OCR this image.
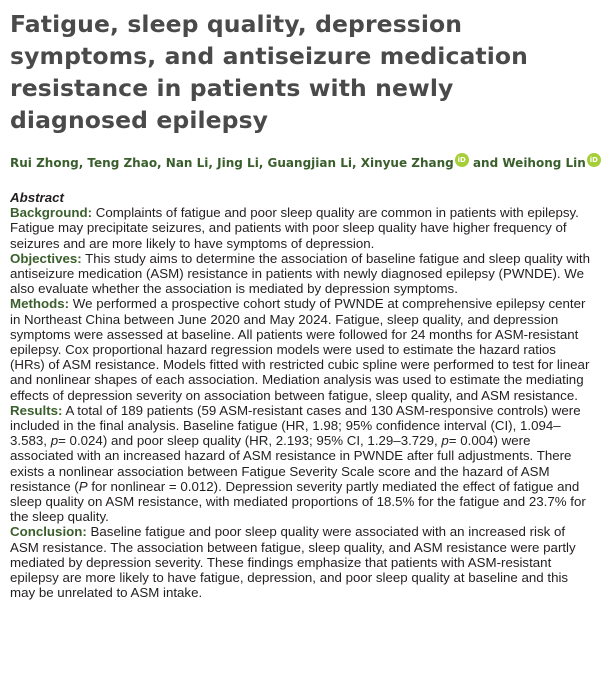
Fatigue, sleep quality, depression symptoms, and antiseizure medication resistance in patients with newly diagnosed epilepsy
Rui Zhong, Teng Zhao, Nan Li, Jing Li, Guangjian Li, Xinyue Zhang iD and Weihong Lin iD
Abstract

Background: Complaints of fatigue and poor sleep quality are common in patients with epilepsy. Fatigue may precipitate seizures, and patients with poor sleep quality have higher frequency of seizures and are more likely to have symptoms of depression.

Objectives: This study aims to determine the association of baseline fatigue and sleep quality with antiseizure medication (ASM) resistance in patients with newly diagnosed epilepsy (PWNDE). We also evaluate whether the association is mediated by depression symptoms.

Methods: We performed a prospective cohort study of PWNDE at comprehensive epilepsy center in Northeast China between June 2020 and May 2024. Fatigue, sleep quality, and depression symptoms were assessed at baseline. All patients were followed for 24 months for ASM-resistant epilepsy. Cox proportional hazard regression models were used to estimate the hazard ratios (HRs) of ASM resistance. Models fitted with restricted cubic spline were performed to test for linear and nonlinear shapes of each association. Mediation analysis was used to estimate the mediating effects of depression severity on association between fatigue, sleep quality, and ASM resistance.

Results: A total of 189 patients (59 ASM-resistant cases and 130 ASM-responsive controls) were included in the final analysis. Baseline fatigue (HR, 1.98; 95% confidence interval (CI), 1.094–3.583, p= 0.024) and poor sleep quality (HR, 2.193; 95% CI, 1.29–3.729, p= 0.004) were associated with an increased hazard of ASM resistance in PWNDE after full adjustments. There exists a nonlinear association between Fatigue Severity Scale score and the hazard of ASM resistance (P for nonlinear = 0.012). Depression severity partly mediated the effect of fatigue and sleep quality on ASM resistance, with mediated proportions of 18.5% for the fatigue and 23.7% for the sleep quality.

Conclusion: Baseline fatigue and poor sleep quality were associated with an increased risk of ASM resistance. The association between fatigue, sleep quality, and ASM resistance were partly mediated by depression severity. These findings emphasize that patients with ASM-resistant epilepsy are more likely to have fatigue, depression, and poor sleep quality at baseline and this may be unrelated to ASM intake.
